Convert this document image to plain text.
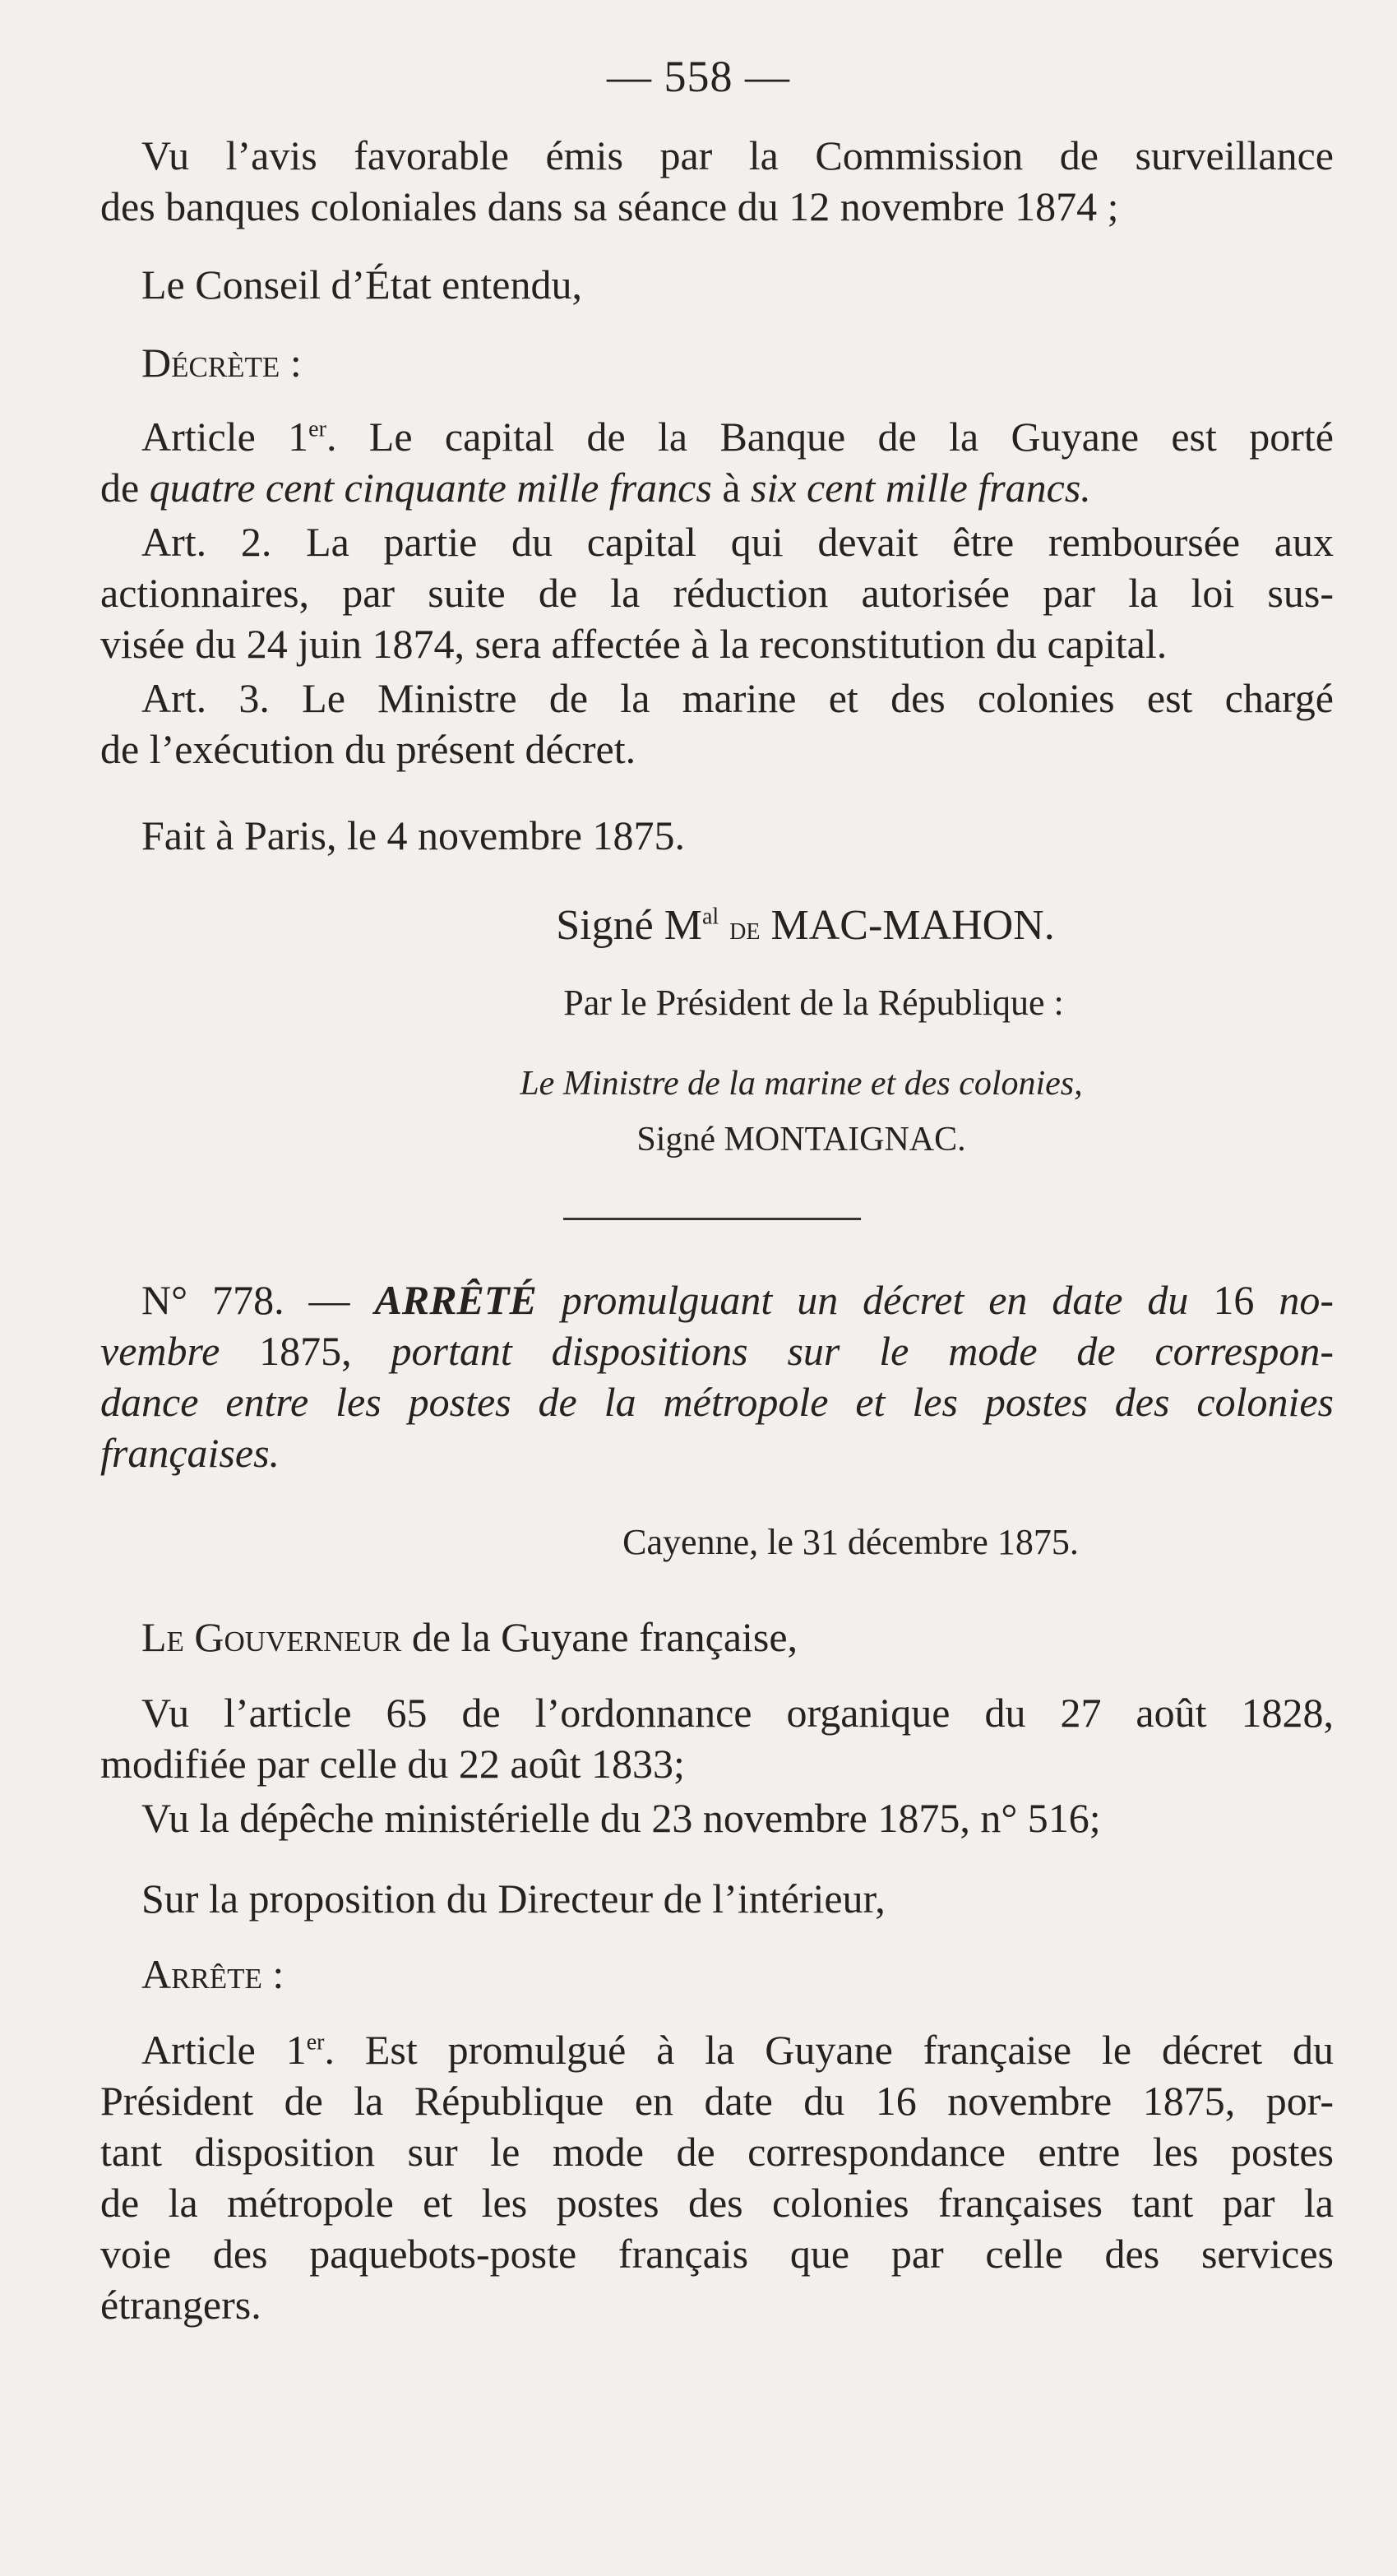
— 558 —

Vu l’avis favorable émis par la Commission de surveillance

des banques coloniales dans sa séance du 12 novembre 1874 ;

Le Conseil d’État entendu,

Décrète :

Article 1er. Le capital de la Banque de la Guyane est porté

de quatre cent cinquante mille francs à six cent mille francs.

Art. 2. La partie du capital qui devait être remboursée aux

actionnaires, par suite de la réduction autorisée par la loi sus-

visée du 24 juin 1874, sera affectée à la reconstitution du capital.

Art. 3. Le Ministre de la marine et des colonies est chargé

de l’exécution du présent décret.

Fait à Paris, le 4 novembre 1875.

Signé $M^{al}$ de MAC-MAHON.
Par le Président de la République :
Le Ministre de la marine et des colonies,
Signé MONTAIGNAC.

N° 778. — ARRÊTÉ promulguant un décret en date du 16 no-

vembre 1875, portant dispositions sur le mode de correspon-

dance entre les postes de la métropole et les postes des colonies

françaises.

Cayenne, le 31 décembre 1875.

Le Gouverneur de la Guyane française,

Vu l’article 65 de l’ordonnance organique du 27 août 1828,

modifiée par celle du 22 août 1833;

Vu la dépêche ministérielle du 23 novembre 1875, n° 516;

Sur la proposition du Directeur de l’intérieur,

Arrête :

Article 1er. Est promulgué à la Guyane française le décret du

Président de la République en date du 16 novembre 1875, por-

tant disposition sur le mode de correspondance entre les postes

de la métropole et les postes des colonies françaises tant par la

voie des paquebots-poste français que par celle des services

étrangers.
